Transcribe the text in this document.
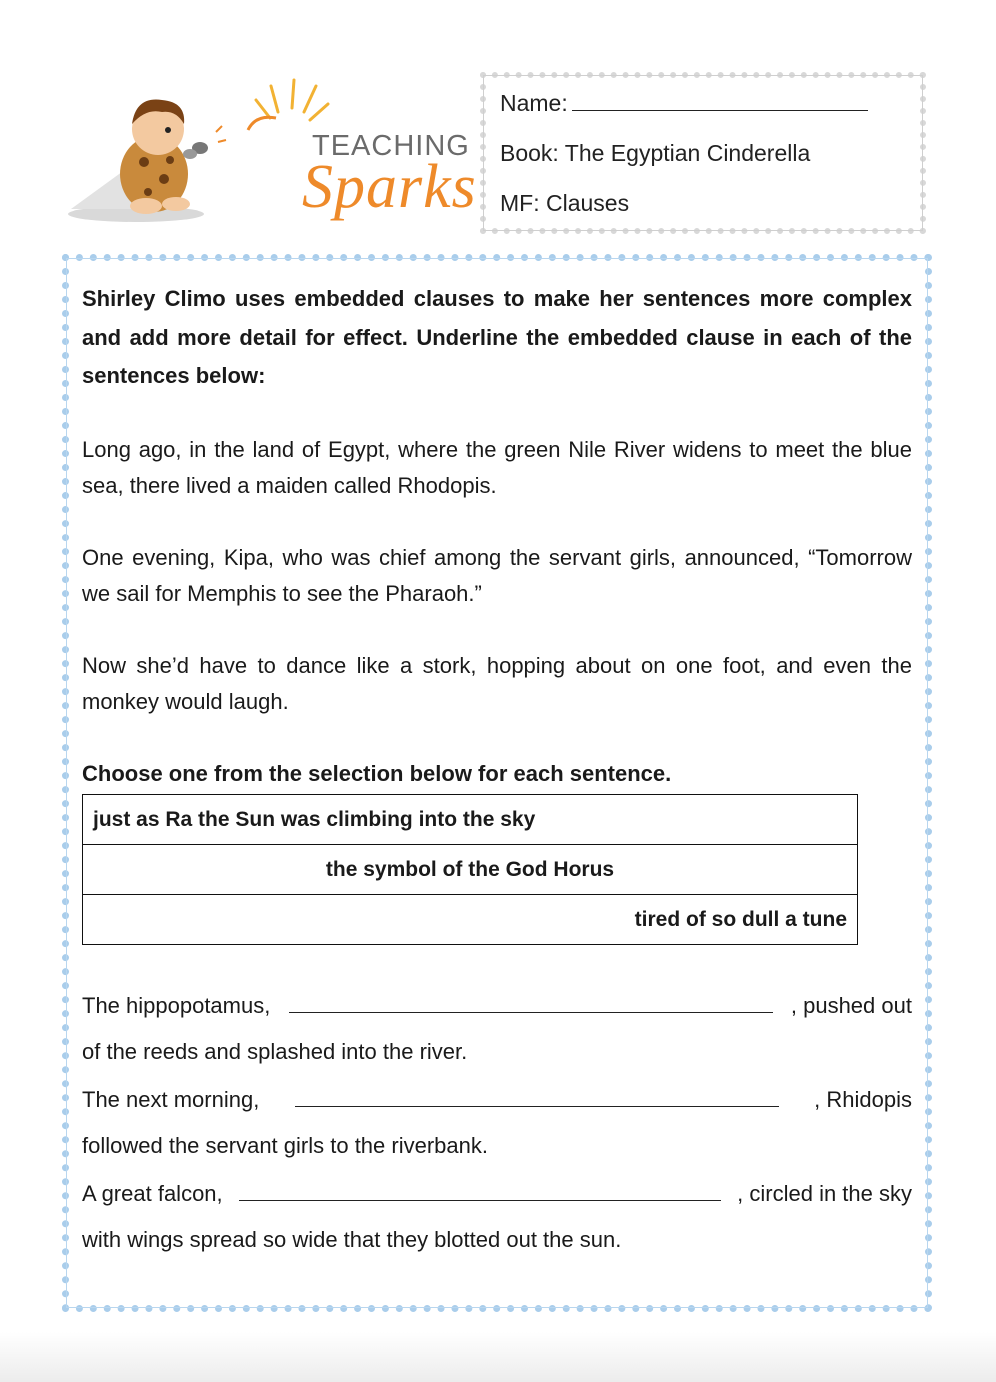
TEACHING
Sparks
Name:
Book: The Egyptian Cinderella
MF: Clauses
Shirley Climo uses embedded clauses to make her sentences more complex and add more detail for effect. Underline the embedded clause in each of the sentences below:
Long ago, in the land of Egypt, where the green Nile River widens to meet the blue sea, there lived a maiden called Rhodopis.
One evening, Kipa, who was chief among the servant girls, announced, “Tomorrow we sail for Memphis to see the Pharaoh.”
Now she’d have to dance like a stork, hopping about on one foot, and even the monkey would laugh.
Choose one from the selection below for each sentence.
just as Ra the Sun was climbing into the sky
the symbol of the God Horus
tired of so dull a tune
The hippopotamus,	, pushed out
of the reeds and splashed into the river.
The next morning,	, Rhidopis
followed the servant girls to the riverbank.
A great falcon,	, circled in the sky
with wings spread so wide that they blotted out the sun.
